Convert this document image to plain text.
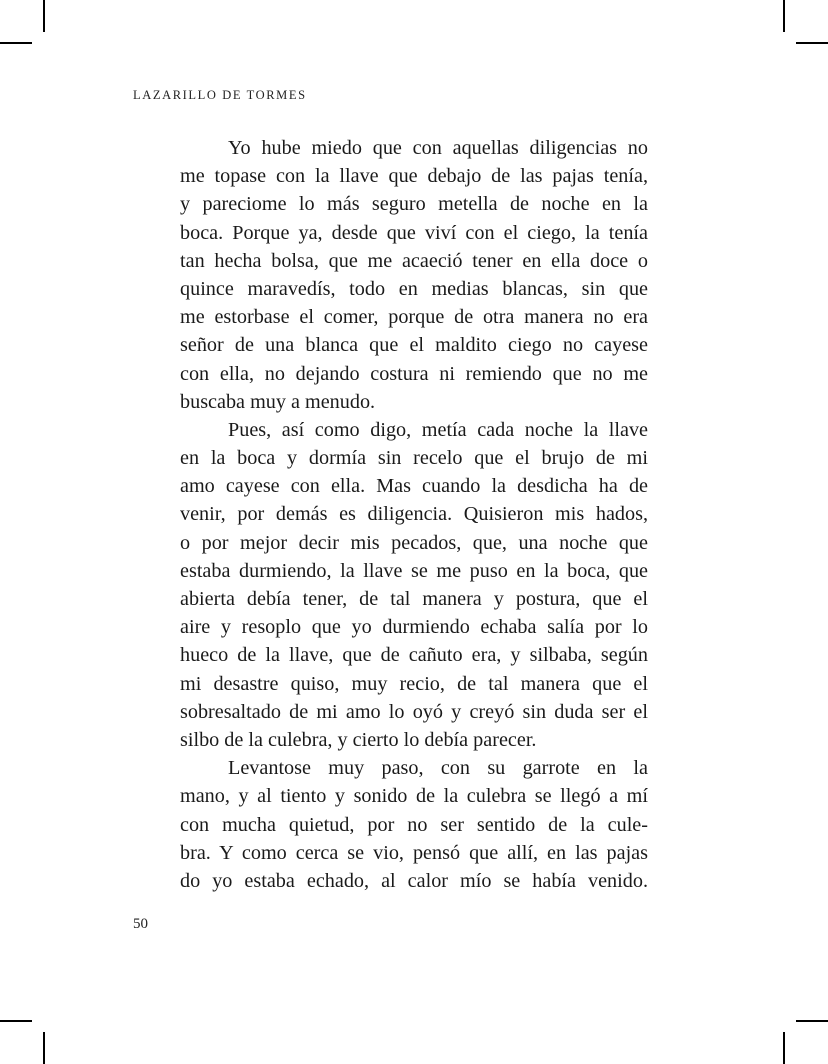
LAZARILLO DE TORMES

Yo hube miedo que con aquellas diligencias no
me topase con la llave que debajo de las pajas tenía,
y pareciome lo más seguro metella de noche en la
boca. Porque ya, desde que viví con el ciego, la tenía
tan hecha bolsa, que me acaeció tener en ella doce o
quince maravedís, todo en medias blancas, sin que
me estorbase el comer, porque de otra manera no era
señor de una blanca que el maldito ciego no cayese
con ella, no dejando costura ni remiendo que no me
buscaba muy a menudo.

Pues, así como digo, metía cada noche la llave
en la boca y dormía sin recelo que el brujo de mi
amo cayese con ella. Mas cuando la desdicha ha de
venir, por demás es diligencia. Quisieron mis hados,
o por mejor decir mis pecados, que, una noche que
estaba durmiendo, la llave se me puso en la boca, que
abierta debía tener, de tal manera y postura, que el
aire y resoplo que yo durmiendo echaba salía por lo
hueco de la llave, que de cañuto era, y silbaba, según
mi desastre quiso, muy recio, de tal manera que el
sobresaltado de mi amo lo oyó y creyó sin duda ser el
silbo de la culebra, y cierto lo debía parecer.

Levantose muy paso, con su garrote en la
mano, y al tiento y sonido de la culebra se llegó a mí
con mucha quietud, por no ser sentido de la cule-
bra. Y como cerca se vio, pensó que allí, en las pajas
do yo estaba echado, al calor mío se había venido.

50
